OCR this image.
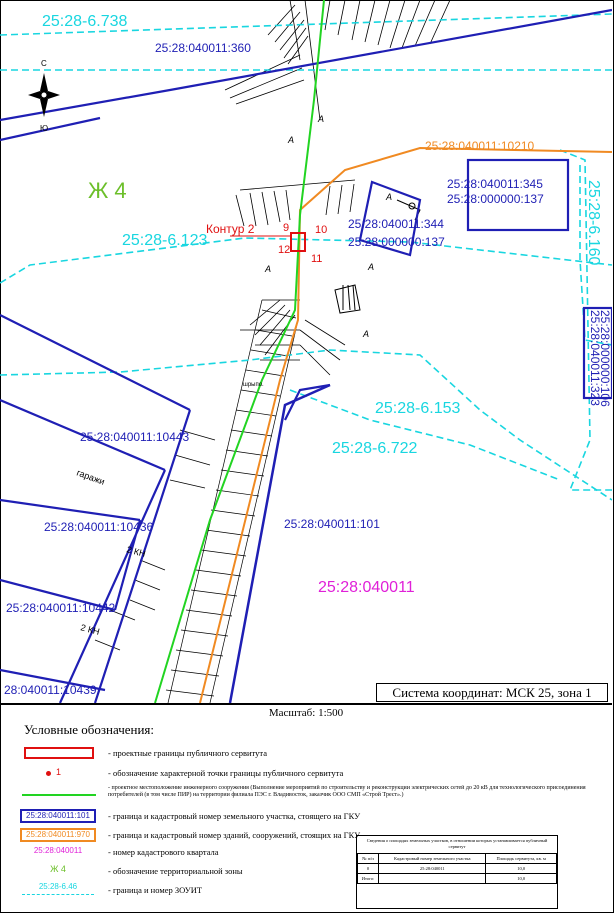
25:28-6.738
25:28-6.123	25:28-6.160
25:28-6.153
25:28-6.722
Ж 4
25:28:040011:360
25:28:040011:10443
25:28:040011:10436
25:28:040011:10442
28:040011:10439
25:28:040011:101
25:28:040011:345
25:28:000000:137
25:28:040011:344
25:28:000000:137
25:28:040011:323
25:28:000000:106
25:28:040011:10210
25:28:040011
Контур 2	9 10
12
11
С
Ю
гаражи
2 КН
2 КН
шрыпо.
А
А
А	А
А
А
Система координат: МСК 25, зона 1
Масштаб: 1:500
Условные обозначения:
- проектные границы публичного сервитута
1	- обозначение характерной точки границы публичного сервитута
- проектное местоположение инженерного сооружения (Выполнение мероприятий по строительству и реконструкции электрических сетей до 20 кВ для технологического присоединения потребителей (в том числе ПИР) на территории филиала ПЭС г. Владивосток, заказчик ООО СМП «Строй Трест».)
25:28:040011:101	- граница и кадастровый номер земельного участка, стоящего на ГКУ
25:28:040011:970	- граница и кадастровый номер зданий, сооружений, стоящих на ГКУ
25:28:040011	- номер кадастрового квартала
Ж 4	- обозначение территориальной зоны
25:28-6.46	- граница и номер ЗОУИТ
Сведения о площадях земельных участков, в отношении которых устанавливается публичный сервитут
№ п/п	Кадастровый номер земельного участка	Площадь сервитута, кв. м
0	25:28:040011	10,0
Итого:		10,0
